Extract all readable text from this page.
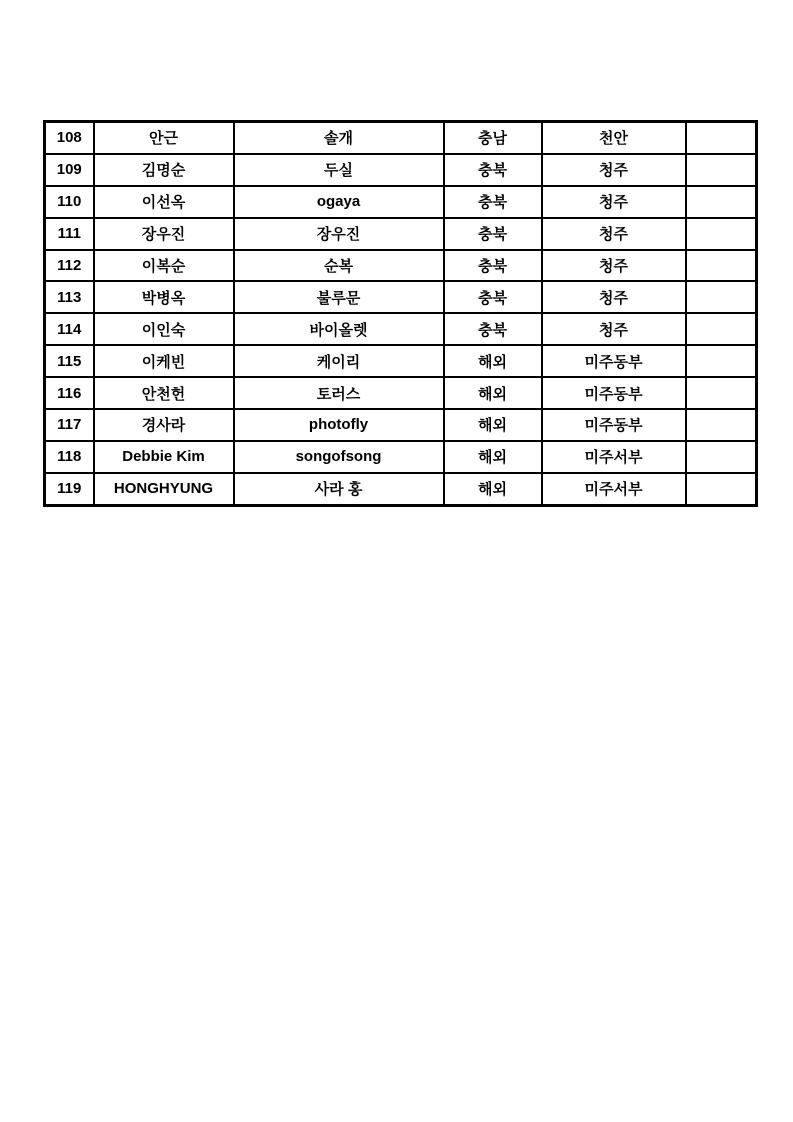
108	안근	솔개	충남	천안	
109	김명순	두실	충북	청주	
110	이선옥	ogaya	충북	청주	
111	장우진	장우진	충북	청주	
112	이복순	순복	충북	청주	
113	박병옥	불루문	충북	청주	
114	이인숙	바이올렛	충북	청주	
115	이케빈	케이리	해외	미주동부	
116	안천헌	토러스	해외	미주동부	
117	경사라	photofly	해외	미주동부	
118	Debbie Kim	songofsong	해외	미주서부	
119	HONGHYUNG	사라 홍	해외	미주서부	
